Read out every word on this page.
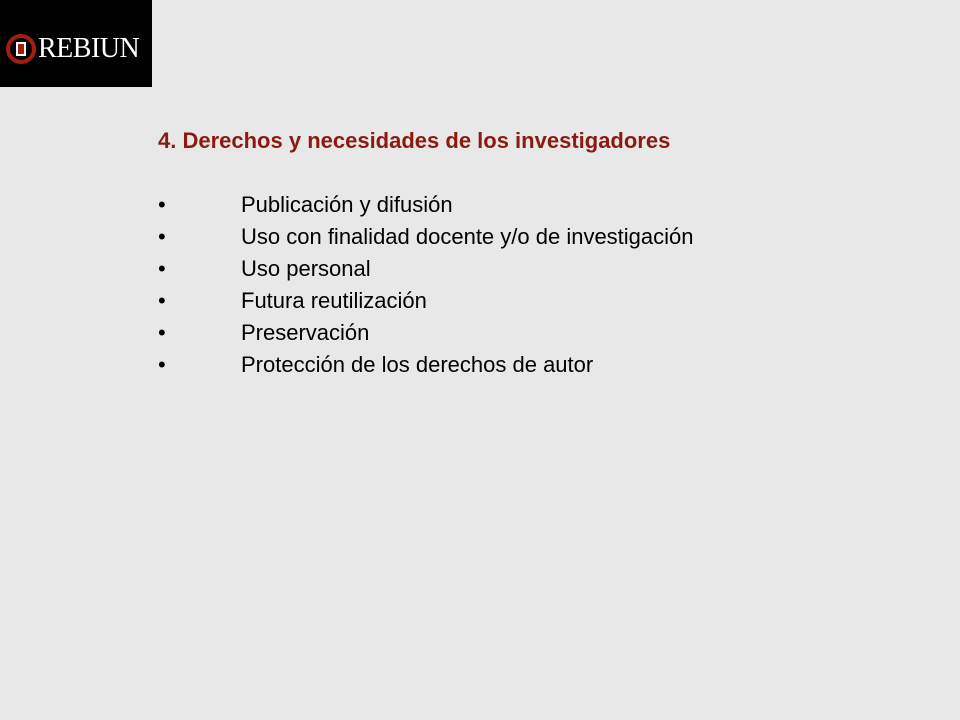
REBIUN
4. Derechos y necesidades de los investigadores
•	Publicación y difusión
•	Uso con finalidad docente y/o de investigación
•	Uso personal
•	Futura reutilización
•	Preservación
•	Protección de los derechos de autor
